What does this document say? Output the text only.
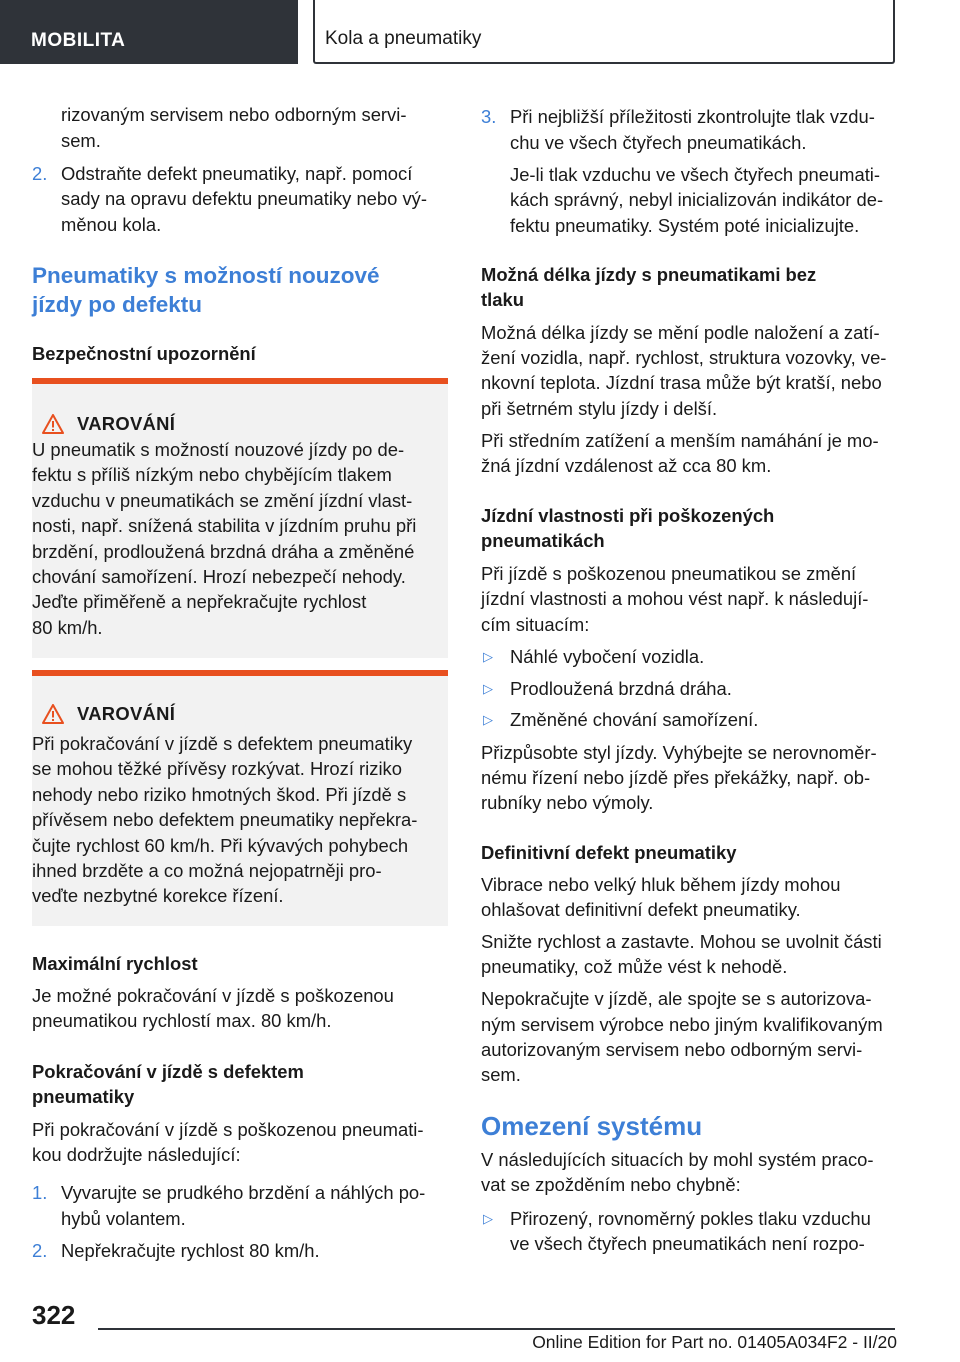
MOBILITA	Kola a pneumatiky
rizovaným servisem nebo odborným servi‐
sem.
2. Odstraňte defekt pneumatiky, např. pomocí
sady na opravu defektu pneumatiky nebo vý‐
měnou kola.
Pneumatiky s možností nouzové
jízdy po defektu
Bezpečnostní upozornění
VAROVÁNÍ
U pneumatik s možností nouzové jízdy po de‐
fektu s příliš nízkým nebo chybějícím tlakem
vzduchu v pneumatikách se změní jízdní vlast‐
nosti, např. snížená stabilita v jízdním pruhu při
brzdění, prodloužená brzdná dráha a změněné
chování samořízení. Hrozí nebezpečí nehody.
Jeďte přiměřeně a nepřekračujte rychlost
80 km/h.
VAROVÁNÍ
Při pokračování v jízdě s defektem pneumatiky
se mohou těžké přívěsy rozkývat. Hrozí riziko
nehody nebo riziko hmotných škod. Při jízdě s
přívěsem nebo defektem pneumatiky nepřekra‐
čujte rychlost 60 km/h. Při kývavých pohybech
ihned brzděte a co možná nejopatrněji pro‐
veďte nezbytné korekce řízení.
Maximální rychlost
Je možné pokračování v jízdě s poškozenou
pneumatikou rychlostí max. 80 km/h.
Pokračování v jízdě s defektem
pneumatiky
Při pokračování v jízdě s poškozenou pneumati‐
kou dodržujte následující:
1. Vyvarujte se prudkého brzdění a náhlých po‐
hybů volantem.
2. Nepřekračujte rychlost 80 km/h.
3. Při nejbližší příležitosti zkontrolujte tlak vzdu‐
chu ve všech čtyřech pneumatikách.
Je-li tlak vzduchu ve všech čtyřech pneumati‐
kách správný, nebyl inicializován indikátor de‐
fektu pneumatiky. Systém poté inicializujte.
Možná délka jízdy s pneumatikami bez
tlaku
Možná délka jízdy se mění podle naložení a zatí‐
žení vozidla, např. rychlost, struktura vozovky, ve‐
nkovní teplota. Jízdní trasa může být kratší, nebo
při šetrném stylu jízdy i delší.
Při středním zatížení a menším namáhání je mo‐
žná jízdní vzdálenost až cca 80 km.
Jízdní vlastnosti při poškozených
pneumatikách
Při jízdě s poškozenou pneumatikou se změní
jízdní vlastnosti a mohou vést např. k následují‐
cím situacím:
▷ Náhlé vybočení vozidla.
▷ Prodloužená brzdná dráha.
▷ Změněné chování samořízení.
Přizpůsobte styl jízdy. Vyhýbejte se nerovnoměr‐
nému řízení nebo jízdě přes překážky, např. ob‐
rubníky nebo výmoly.
Definitivní defekt pneumatiky
Vibrace nebo velký hluk během jízdy mohou
ohlašovat definitivní defekt pneumatiky.
Snižte rychlost a zastavte. Mohou se uvolnit části
pneumatiky, což může vést k nehodě.
Nepokračujte v jízdě, ale spojte se s autorizova‐
ným servisem výrobce nebo jiným kvalifikovaným
autorizovaným servisem nebo odborným servi‐
sem.
Omezení systému
V následujících situacích by mohl systém praco‐
vat se zpožděním nebo chybně:
▷ Přirozený, rovnoměrný pokles tlaku vzduchu
ve všech čtyřech pneumatikách není rozpo‐
322
Online Edition for Part no. 01405A034F2 - II/20
